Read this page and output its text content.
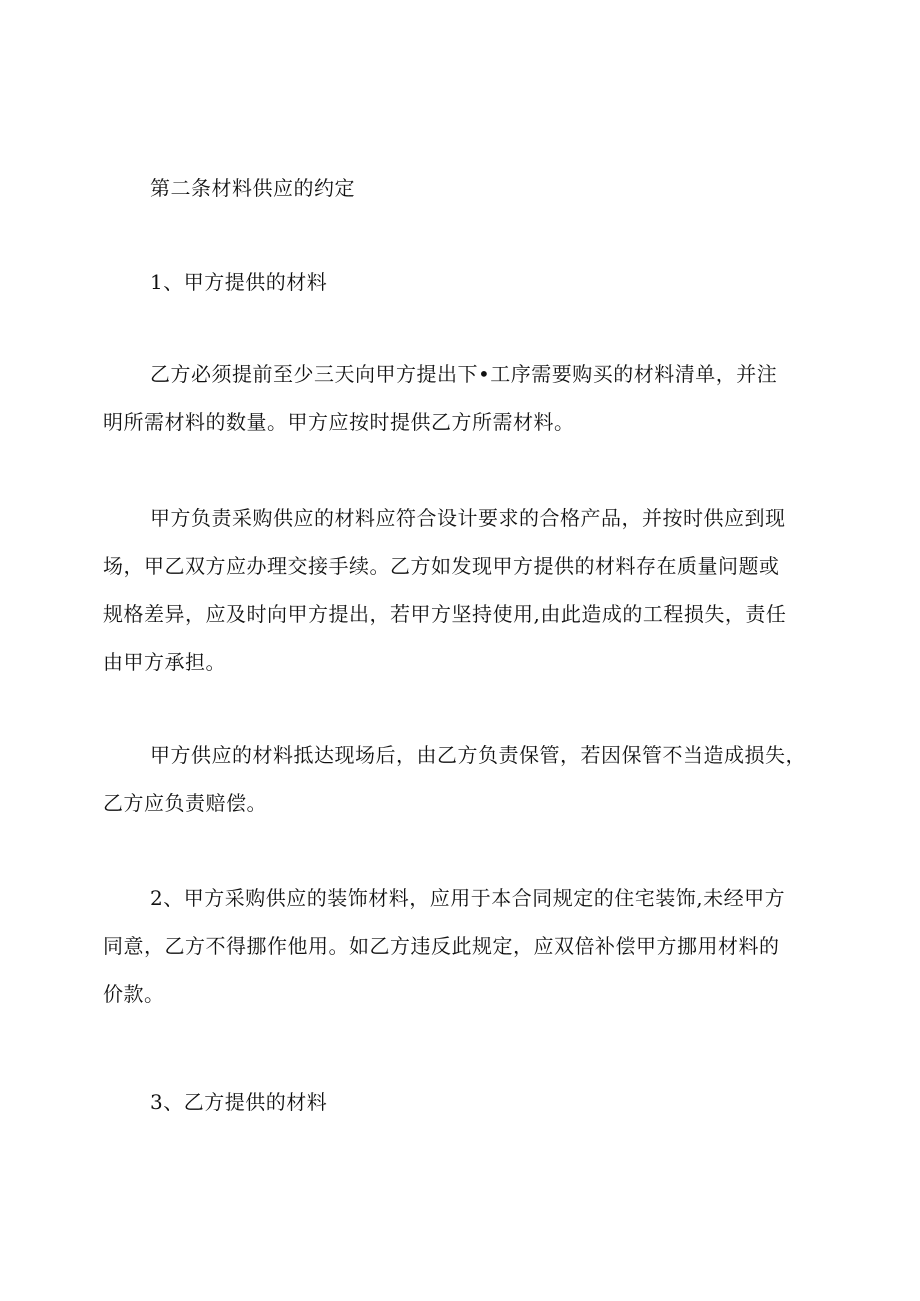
第二条材料供应的约定
1、甲方提供的材料
乙方必须提前至少三天向甲方提出下•工序需要购买的材料清单，并注
明所需材料的数量。甲方应按时提供乙方所需材料。
甲方负责采购供应的材料应符合设计要求的合格产品，并按时供应到现
场，甲乙双方应办理交接手续。乙方如发现甲方提供的材料存在质量问题或
规格差异，应及时向甲方提出，若甲方坚持使用,由此造成的工程损失，责任
由甲方承担。
甲方供应的材料抵达现场后，由乙方负责保管，若因保管不当造成损失，
乙方应负责赔偿。
2、甲方采购供应的装饰材料，应用于本合同规定的住宅装饰,未经甲方
同意，乙方不得挪作他用。如乙方违反此规定，应双倍补偿甲方挪用材料的
价款。
3、乙方提供的材料
